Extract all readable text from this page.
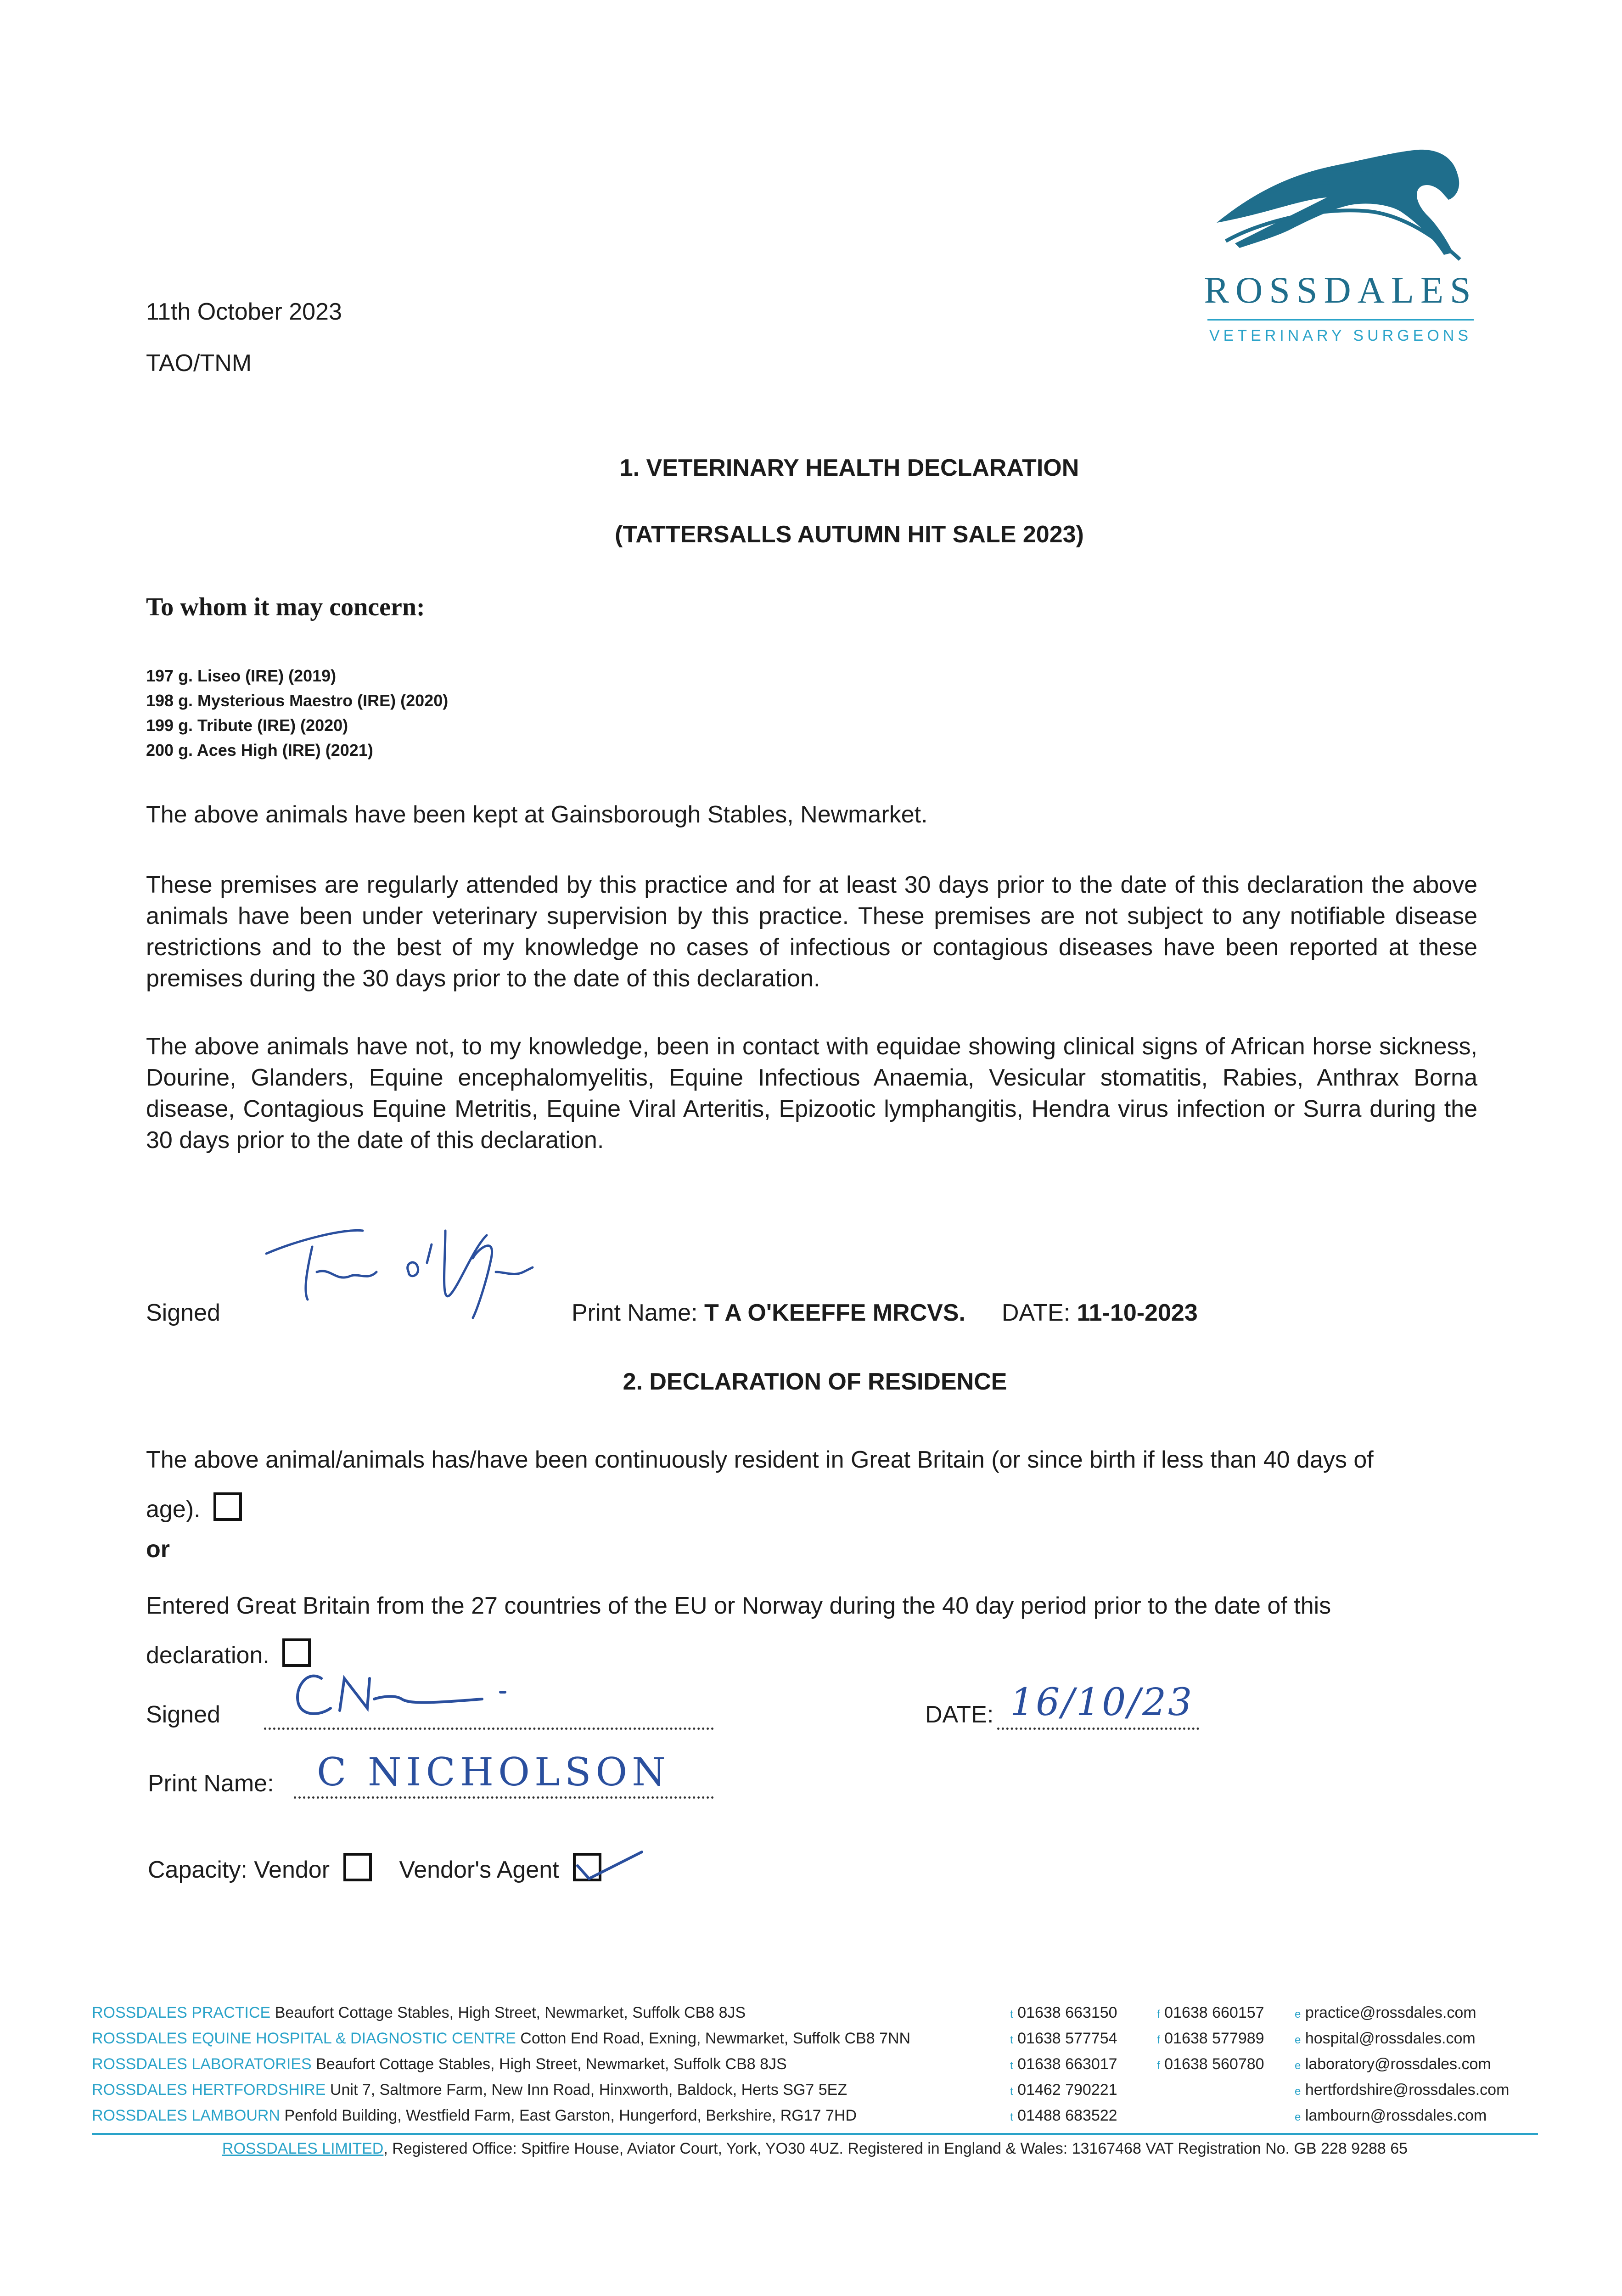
11th October 2023
TAO/TNM
ROSSDALES
VETERINARY SURGEONS
1. VETERINARY HEALTH DECLARATION
(TATTERSALLS AUTUMN HIT SALE 2023)
To whom it may concern:
197 g. Liseo (IRE) (2019)
198 g. Mysterious Maestro (IRE) (2020)
199 g. Tribute (IRE) (2020)
200 g. Aces High (IRE) (2021)
The above animals have been kept at Gainsborough Stables, Newmarket.
These premises are regularly attended by this practice and for at least 30 days prior to the date of this declaration the above animals have been under veterinary supervision by this practice. These premises are not subject to any notifiable disease restrictions and to the best of my knowledge no cases of infectious or contagious diseases have been reported at these premises during the 30 days prior to the date of this declaration.
The above animals have not, to my knowledge, been in contact with equidae showing clinical signs of African horse sickness, Dourine, Glanders, Equine encephalomyelitis, Equine Infectious Anaemia, Vesicular stomatitis, Rabies, Anthrax Borna disease, Contagious Equine Metritis, Equine Viral Arteritis, Epizootic lymphangitis, Hendra virus infection or Surra during the 30 days prior to the date of this declaration.
Signed	Print Name: T A O'KEEFFE MRCVS. DATE: 11-10-2023
2. DECLARATION OF RESIDENCE
The above animal/animals has/have been continuously resident in Great Britain (or since birth if less than 40 days of age).
or
Entered Great Britain from the 27 countries of the EU or Norway during the 40 day period prior to the date of this declaration.
Signed	DATE: 16/10/23
Print Name: C NICHOLSON
Capacity: Vendor	Vendor's Agent
ROSSDALES PRACTICE Beaufort Cottage Stables, High Street, Newmarket, Suffolk CB8 8JS	t 01638 663150	f 01638 660157	e practice@rossdales.com
ROSSDALES EQUINE HOSPITAL & DIAGNOSTIC CENTRE Cotton End Road, Exning, Newmarket, Suffolk CB8 7NN	t 01638 577754	f 01638 577989	e hospital@rossdales.com
ROSSDALES LABORATORIES Beaufort Cottage Stables, High Street, Newmarket, Suffolk CB8 8JS	t 01638 663017	f 01638 560780	e laboratory@rossdales.com
ROSSDALES HERTFORDSHIRE Unit 7, Saltmore Farm, New Inn Road, Hinxworth, Baldock, Herts SG7 5EZ	t 01462 790221	e hertfordshire@rossdales.com
ROSSDALES LAMBOURN Penfold Building, Westfield Farm, East Garston, Hungerford, Berkshire, RG17 7HD	t 01488 683522	e lambourn@rossdales.com
ROSSDALES LIMITED, Registered Office: Spitfire House, Aviator Court, York, YO30 4UZ. Registered in England & Wales: 13167468 VAT Registration No. GB 228 9288 65
